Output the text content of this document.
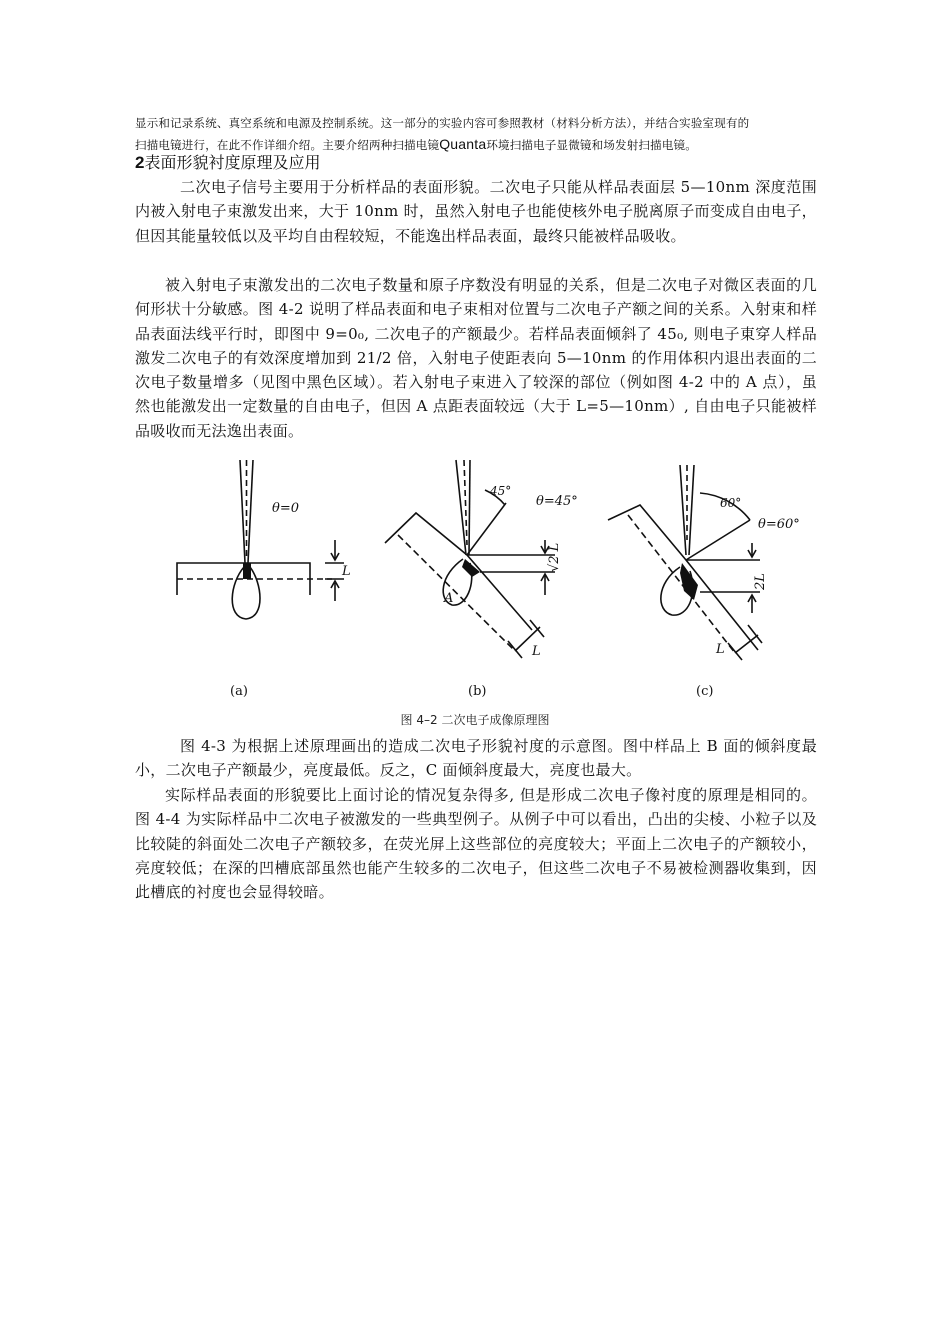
显示和记录系统、真空系统和电源及控制系统。这一部分的实验内容可参照教材（材料分析方法），并结合实验室现有的
扫描电镜进行，在此不作详细介绍。主要介绍两种扫描电镜Quanta环境扫描电子显微镜和场发射扫描电镜。
2表面形貌衬度原理及应用

二次电子信号主要用于分析样品的表面形貌。二次电子只能从样品表面层 5—10nm 深度范围内被入射电子束激发出来，大于 10nm 时，虽然入射电子也能使核外电子脱离原子而变成自由电子，但因其能量较低以及平均自由程较短，不能逸出样品表面，最终只能被样品吸收。

被入射电子束激发出的二次电子数量和原子序数没有明显的关系，但是二次电子对微区表面的几何形状十分敏感。图 4-2 说明了样品表面和电子束相对位置与二次电子产额之间的关系。入射束和样品表面法线平行时，即图中 9=0₀, 二次电子的产额最少。若样品表面倾斜了 45₀, 则电子東穿人样品激发二次电子的有效深度增加到 21/2 倍，入射电子使距表向 5—10nm 的作用体积内退出表面的二次电子数量增多（见图中黑色区域）。若入射电子束进入了较深的部位（例如图 4-2 中的 A 点），虽然也能激发出一定数量的自由电子，但因 A 点距表面较远（大于 L=5—10nm）, 自由电子只能被样品吸收而无法逸出表面。

θ=0
L
(a)
45°
θ=45°
√2 L
A
L
(b)
60°
θ=60°
2L
L
(c)
图 4–2 二次电子成像原理图

图 4-3 为根据上述原理画出的造成二次电子形貌衬度的示意图。图中样品上 B 面的倾斜度最小，二次电子产额最少，亮度最低。反之，C 面倾斜度最大，亮度也最大。

实际样品表面的形貌要比上面讨论的情况复杂得多, 但是形成二次电子像衬度的原理是相同的。图 4-4 为实际样品中二次电子被激发的一些典型例子。从例子中可以看出，凸出的尖棱、小粒子以及比较陡的斜面处二次电子产额较多，在荧光屏上这些部位的亮度较大；平面上二次电子的产额较小，亮度较低；在深的凹槽底部虽然也能产生较多的二次电子，但这些二次电子不易被检测器收集到，因此槽底的衬度也会显得较暗。
